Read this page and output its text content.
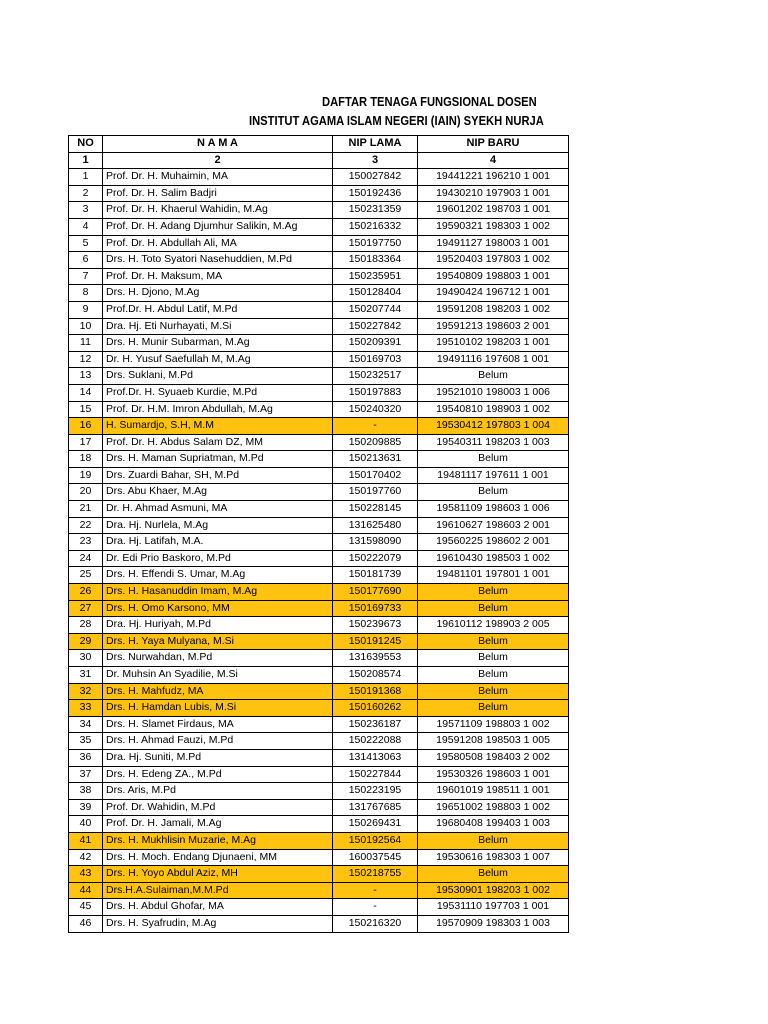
DAFTAR TENAGA FUNGSIONAL DOSEN
INSTITUT AGAMA ISLAM NEGERI (IAIN) SYEKH NURJA
NO	N A M A	NIP LAMA	NIP BARU
1	2	3	4
1	Prof. Dr. H. Muhaimin, MA	150027842	19441221 196210 1 001
2	Prof. Dr. H. Salim Badjri	150192436	19430210 197903 1 001
3	Prof. Dr. H. Khaerul Wahidin, M.Ag	150231359	19601202 198703 1 001
4	Prof. Dr. H. Adang Djumhur Salikin, M.Ag	150216332	19590321 198303 1 002
5	Prof. Dr. H. Abdullah Ali, MA	150197750	19491127 198003 1 001
6	Drs. H. Toto Syatori Nasehuddien, M.Pd	150183364	19520403 197803 1 002
7	Prof. Dr. H. Maksum, MA	150235951	19540809 198803 1 001
8	Drs. H. Djono, M.Ag	150128404	19490424 196712 1 001
9	Prof.Dr. H. Abdul Latif, M.Pd	150207744	19591208 198203 1 002
10	Dra. Hj. Eti Nurhayati, M.Si	150227842	19591213 198603 2 001
11	Drs. H. Munir Subarman, M.Ag	150209391	19510102 198203 1 001
12	Dr. H. Yusuf Saefullah M, M.Ag	150169703	19491116 197608 1 001
13	Drs. Suklani, M.Pd	150232517	Belum
14	Prof.Dr. H. Syuaeb Kurdie, M.Pd	150197883	19521010 198003 1 006
15	Prof. Dr. H.M. Imron Abdullah, M.Ag	150240320	19540810 198903 1 002
16	H. Sumardjo, S.H, M.M	-	19530412 197803 1 004
17	Prof. Dr. H. Abdus Salam DZ, MM	150209885	19540311 198203 1 003
18	Drs. H. Maman Supriatman, M.Pd	150213631	Belum
19	Drs. Zuardi Bahar, SH, M.Pd	150170402	19481117 197611 1 001
20	Drs. Abu Khaer, M.Ag	150197760	Belum
21	Dr. H. Ahmad Asmuni, MA	150228145	19581109 198603 1 006
22	Dra. Hj. Nurlela, M.Ag	131625480	19610627 198603 2 001
23	Dra. Hj. Latifah, M.A.	131598090	19560225 198602 2 001
24	Dr. Edi Prio Baskoro, M.Pd	150222079	19610430 198503 1 002
25	Drs. H. Effendi S. Umar, M.Ag	150181739	19481101 197801 1 001
26	Drs. H. Hasanuddin Imam, M.Ag	150177690	Belum
27	Drs. H. Omo Karsono, MM	150169733	Belum
28	Dra. Hj. Huriyah, M.Pd	150239673	19610112 198903 2 005
29	Drs. H. Yaya Mulyana, M.Si	150191245	Belum
30	Drs. Nurwahdan, M.Pd	131639553	Belum
31	Dr. Muhsin An Syadilie, M.Si	150208574	Belum
32	Drs. H. Mahfudz, MA	150191368	Belum
33	Drs. H. Hamdan Lubis, M.Si	150160262	Belum
34	Drs. H. Slamet Firdaus, MA	150236187	19571109 198803 1 002
35	Drs. H. Ahmad Fauzi, M.Pd	150222088	19591208 198503 1 005
36	Dra. Hj. Suniti, M.Pd	131413063	19580508 198403 2 002
37	Drs. H. Edeng ZA., M.Pd	150227844	19530326 198603 1 001
38	Drs. Aris, M.Pd	150223195	19601019 198511 1 001
39	Prof. Dr. Wahidin, M.Pd	131767685	19651002 198803 1 002
40	Prof. Dr. H. Jamali, M.Ag	150269431	19680408 199403 1 003
41	Drs. H. Mukhlisin Muzarie, M.Ag	150192564	Belum
42	Drs. H. Moch. Endang Djunaeni, MM	160037545	19530616 198303 1 007
43	Drs. H. Yoyo Abdul Aziz, MH	150218755	Belum
44	Drs.H.A.Sulaiman,M.M.Pd	-	19530901 198203 1 002
45	Drs. H. Abdul Ghofar, MA	-	19531110 197703 1 001
46	Drs. H. Syafrudin, M.Ag	150216320	19570909 198303 1 003
